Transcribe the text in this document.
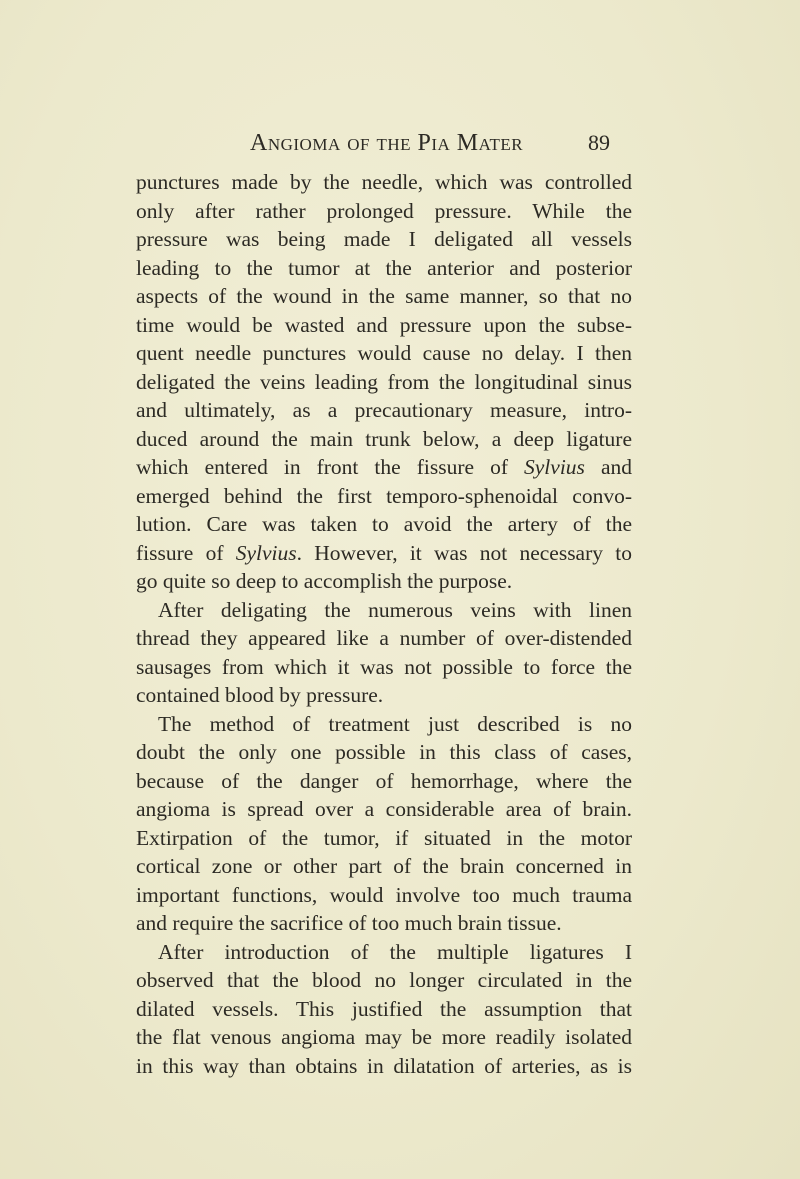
Angioma of the Pia Mater	89
punctures made by the needle, which was controlled
only after rather prolonged pressure. While the
pressure was being made I deligated all vessels
leading to the tumor at the anterior and posterior
aspects of the wound in the same manner, so that no
time would be wasted and pressure upon the subse-
quent needle punctures would cause no delay. I then
deligated the veins leading from the longitudinal sinus
and ultimately, as a precautionary measure, intro-
duced around the main trunk below, a deep ligature
which entered in front the fissure of Sylvius and
emerged behind the first temporo-sphenoidal convo-
lution. Care was taken to avoid the artery of the
fissure of Sylvius. However, it was not necessary to
go quite so deep to accomplish the purpose.
After deligating the numerous veins with linen
thread they appeared like a number of over-distended
sausages from which it was not possible to force the
contained blood by pressure.
The method of treatment just described is no
doubt the only one possible in this class of cases,
because of the danger of hemorrhage, where the
angioma is spread over a considerable area of brain.
Extirpation of the tumor, if situated in the motor
cortical zone or other part of the brain concerned in
important functions, would involve too much trauma
and require the sacrifice of too much brain tissue.
After introduction of the multiple ligatures I
observed that the blood no longer circulated in the
dilated vessels. This justified the assumption that
the flat venous angioma may be more readily isolated
in this way than obtains in dilatation of arteries, as is
